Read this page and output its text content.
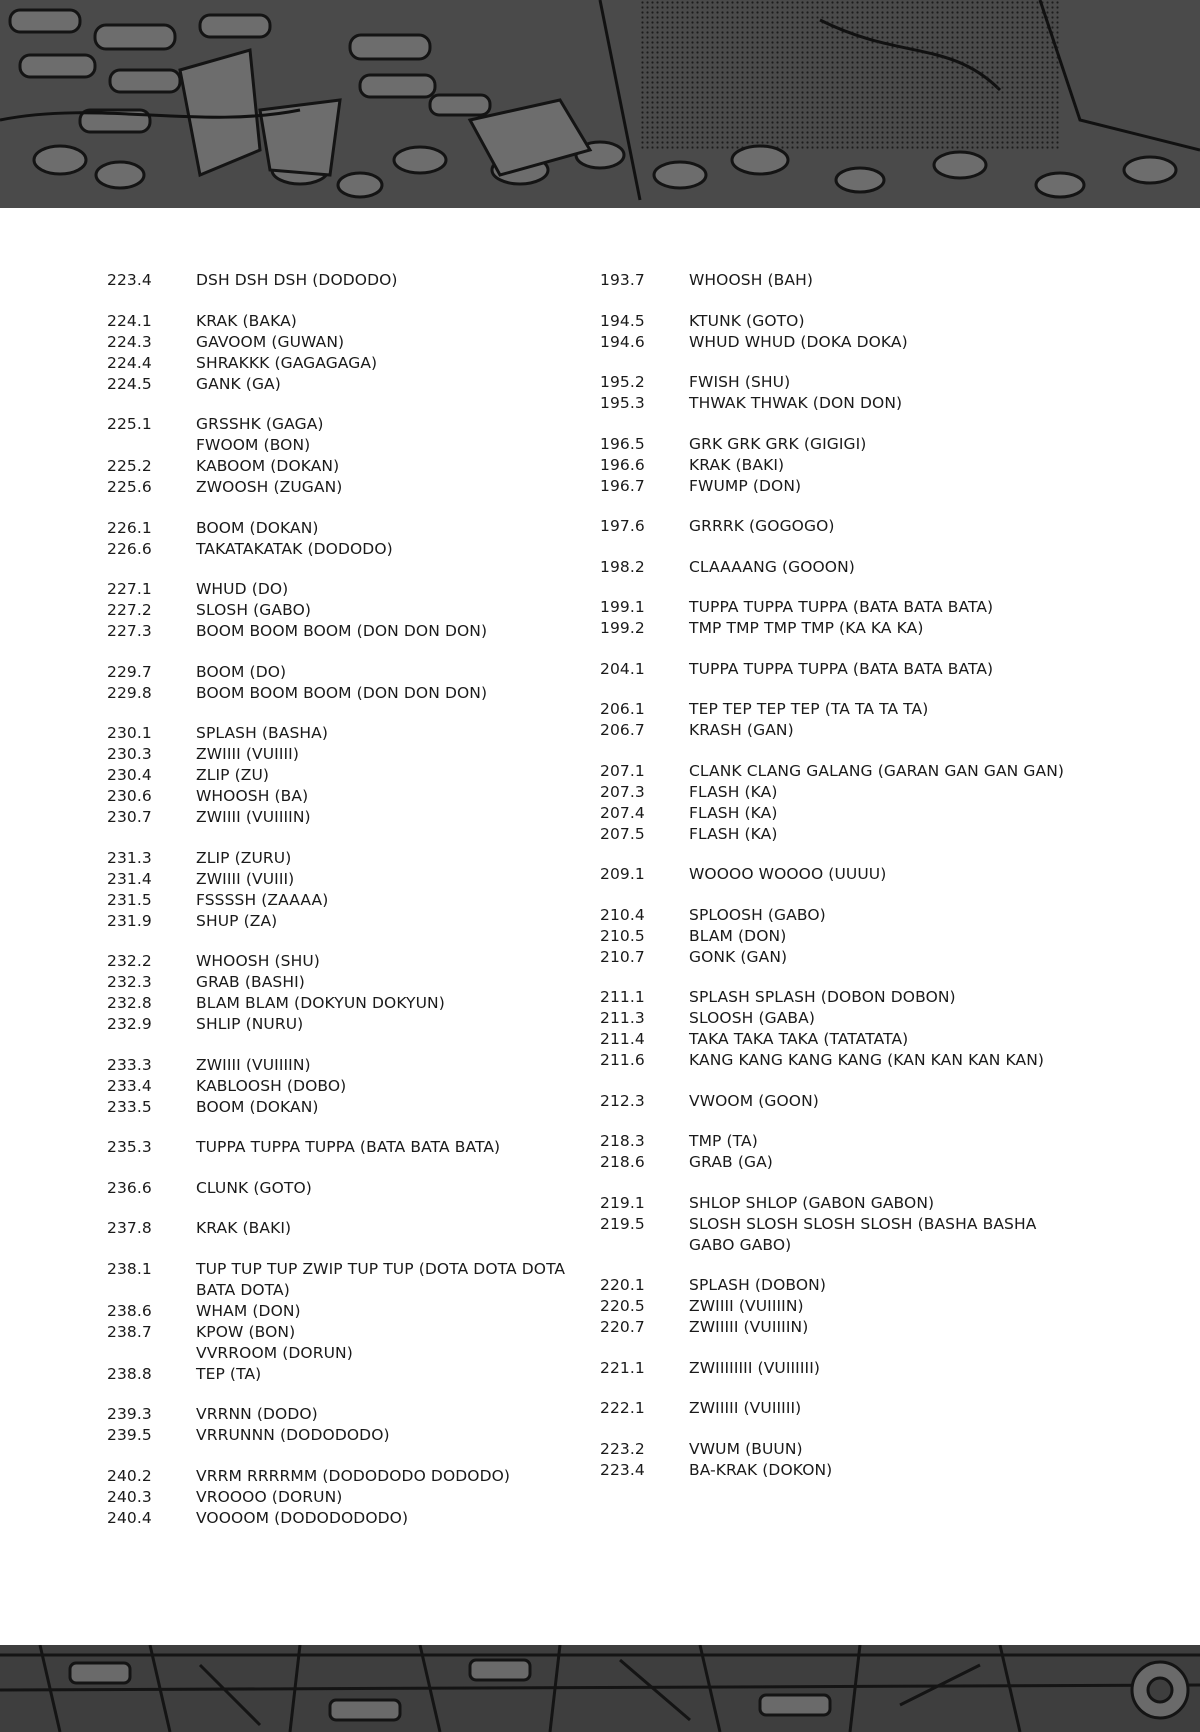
223.4	DSH DSH DSH (DODODO)
224.1	KRAK (BAKA)
224.3	GAVOOM (GUWAN)
224.4	SHRAKKK (GAGAGAGA)
224.5	GANK (GA)
225.1	GRSSHK (GAGA)
FWOOM (BON)
225.2	KABOOM (DOKAN)
225.6	ZWOOSH (ZUGAN)
226.1	BOOM (DOKAN)
226.6	TAKATAKATAK (DODODO)
227.1	WHUD (DO)
227.2	SLOSH (GABO)
227.3	BOOM BOOM BOOM (DON DON DON)
229.7	BOOM (DO)
229.8	BOOM BOOM BOOM (DON DON DON)
230.1	SPLASH (BASHA)
230.3	ZWIIII (VUIIII)
230.4	ZLIP (ZU)
230.6	WHOOSH (BA)
230.7	ZWIIII (VUIIIIN)
231.3	ZLIP (ZURU)
231.4	ZWIIII (VUIII)
231.5	FSSSSH (ZAAAA)
231.9	SHUP (ZA)
232.2	WHOOSH (SHU)
232.3	GRAB (BASHI)
232.8	BLAM BLAM (DOKYUN DOKYUN)
232.9	SHLIP (NURU)
233.3	ZWIIII (VUIIIIN)
233.4	KABLOOSH (DOBO)
233.5	BOOM (DOKAN)
235.3	TUPPA TUPPA TUPPA (BATA BATA BATA)
236.6	CLUNK (GOTO)
237.8	KRAK (BAKI)
238.1	TUP TUP TUP ZWIP TUP TUP (DOTA DOTA DOTA BATA DOTA)
238.6	WHAM (DON)
238.7	KPOW (BON)
VVRROOM (DORUN)
238.8	TEP (TA)
239.3	VRRNN (DODO)
239.5	VRRUNNN (DODODODO)
240.2	VRRM RRRRMM (DODODODO DODODO)
240.3	VROOOO (DORUN)
240.4	VOOOOM (DODODODODO)
193.7	WHOOSH (BAH)
194.5	KTUNK (GOTO)
194.6	WHUD WHUD (DOKA DOKA)
195.2	FWISH (SHU)
195.3	THWAK THWAK (DON DON)
196.5	GRK GRK GRK (GIGIGI)
196.6	KRAK (BAKI)
196.7	FWUMP (DON)
197.6	GRRRK (GOGOGO)
198.2	CLAAAANG (GOOON)
199.1	TUPPA TUPPA TUPPA (BATA BATA BATA)
199.2	TMP TMP TMP TMP (KA KA KA)
204.1	TUPPA TUPPA TUPPA (BATA BATA BATA)
206.1	TEP TEP TEP TEP (TA TA TA TA)
206.7	KRASH (GAN)
207.1	CLANK CLANG GALANG (GARAN GAN GAN GAN)
207.3	FLASH (KA)
207.4	FLASH (KA)
207.5	FLASH (KA)
209.1	WOOOO WOOOO (UUUU)
210.4	SPLOOSH (GABO)
210.5	BLAM (DON)
210.7	GONK (GAN)
211.1	SPLASH SPLASH (DOBON DOBON)
211.3	SLOOSH (GABA)
211.4	TAKA TAKA TAKA (TATATATA)
211.6	KANG KANG KANG KANG (KAN KAN KAN KAN)
212.3	VWOOM (GOON)
218.3	TMP (TA)
218.6	GRAB (GA)
219.1	SHLOP SHLOP (GABON GABON)
219.5	SLOSH SLOSH SLOSH SLOSH (BASHA BASHA GABO GABO)
220.1	SPLASH (DOBON)
220.5	ZWIIII (VUIIIIN)
220.7	ZWIIIII (VUIIIIN)
221.1	ZWIIIIIIII (VUIIIIII)
222.1	ZWIIIII (VUIIIII)
223.2	VWUM (BUUN)
223.4	BA-KRAK (DOKON)
